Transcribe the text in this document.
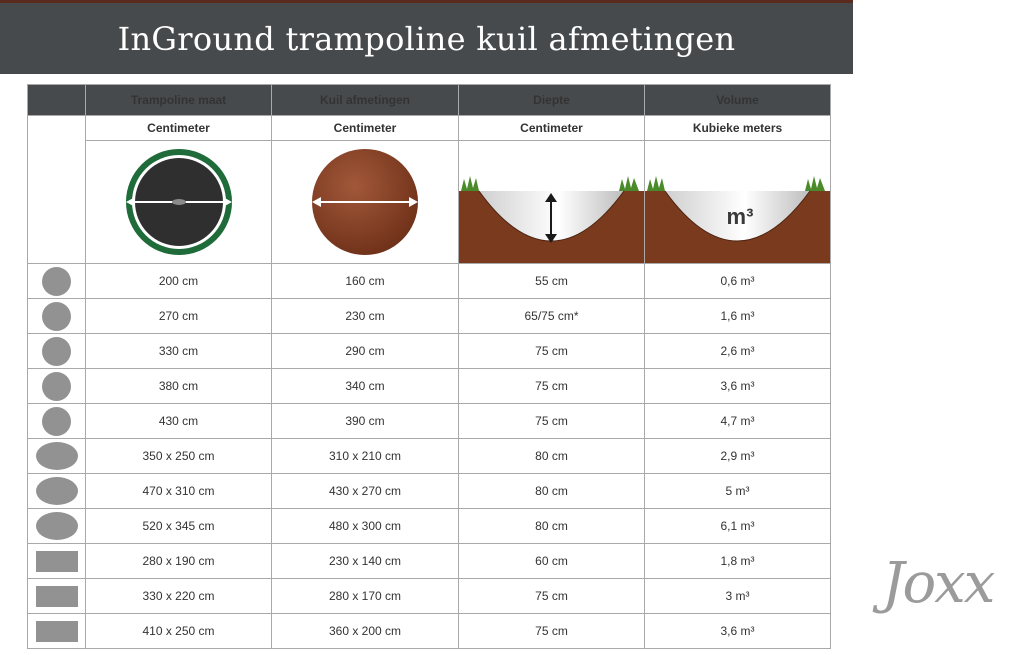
InGround trampoline kuil afmetingen
	Trampoline maat	Kuil afmetingen	Diepte	Volume
	Centimeter	Centimeter	Centimeter	Kubieke meters

m³

	200 cm	160 cm	55 cm	0,6 m³
	270 cm	230 cm	65/75 cm*	1,6 m³
	330 cm	290 cm	75 cm	2,6 m³
	380 cm	340 cm	75 cm	3,6 m³
	430 cm	390 cm	75 cm	4,7 m³
	350 x 250 cm	310 x 210 cm	80 cm	2,9 m³
	470 x 310 cm	430 x 270 cm	80 cm	5 m³
	520 x 345 cm	480 x 300 cm	80 cm	6,1 m³
	280 x 190 cm	230 x 140 cm	60 cm	1,8 m³
	330 x 220 cm	280 x 170 cm	75 cm	3 m³
	410 x 250 cm	360 x 200 cm	75 cm	3,6 m³
Joxx
